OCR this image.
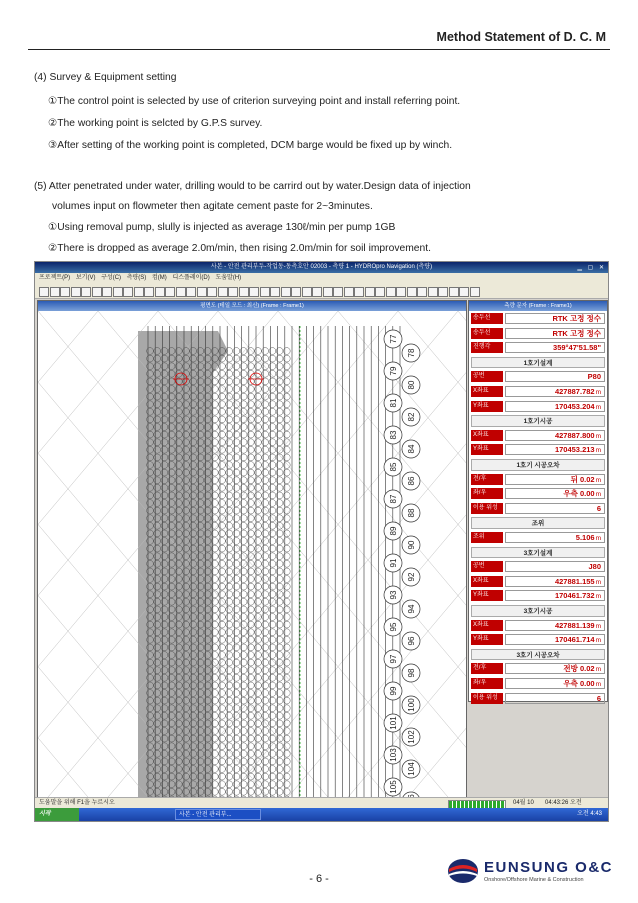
Method Statement of D. C. M
(4) Survey & Equipment setting
①The control point is selected by use of criterion surveying point and install referring point.
②The working point is selcted by G.P.S survey.
③After setting of the working point is completed, DCM barge would be fixed up by winch.
(5) Atter penetrated under water, drilling would to be carrird out by water.Design data of injection
volumes input on flowmeter then agitate cement paste for 2~3minutes.
①Using removal pump, slully is injected as average 130ℓ/min per pump 1GB
②There is dropped as average 2.0m/min, then rising 2.0m/min for soil improvement.
사본 - 안전 관리부두-작업동-동측호안 02003 - 측량 1 - HYDROpro Navigation (측량)	▁ ▢ ✕
프로젝트(P) 보기(V) 구성(C) 측량(S) 컴(M) 디스플레이(D) 도움말(H)
평면도 (테일 모드 : 최신) (Frame : Frame1)
77
78
79
80
81
82
83
84
85
86
87
88
89
90
91
92
93
94
95
96
97
98
99
100
101
102
103
104
105
측량 문자 (Frame : Frame1)
송두선	RTK 고정 정수
송두선	RTK 고정 정수
진행각	359°47'51.58"
1호기설계
공번	P80
X좌표	427887.782m
Y좌표	170453.204m
1호기시공
X좌표	427887.800m
Y좌표	170453.213m
1호기 시공오차
전/후	뒤 0.02m
좌/우	우측 0.00m
이용 위성	6
조위
조위	5.106m
3호기설계
공번	J80
X좌표	427881.155m
Y좌표	170461.732m
3호기시공
X좌표	427881.139m
Y좌표	170461.714m
3호기 시공오차
전/후	전방 0.02m
좌/우	우측 0.00m
이용 위성	6
도움말을 위해 F1을 누르시오	04월 10 04:43:26 오전
시작	사본 - 안전 관리부...	오전 4:43
- 6 -
EUNSUNG O&C
Onshore/Offshore Marine & Construction
